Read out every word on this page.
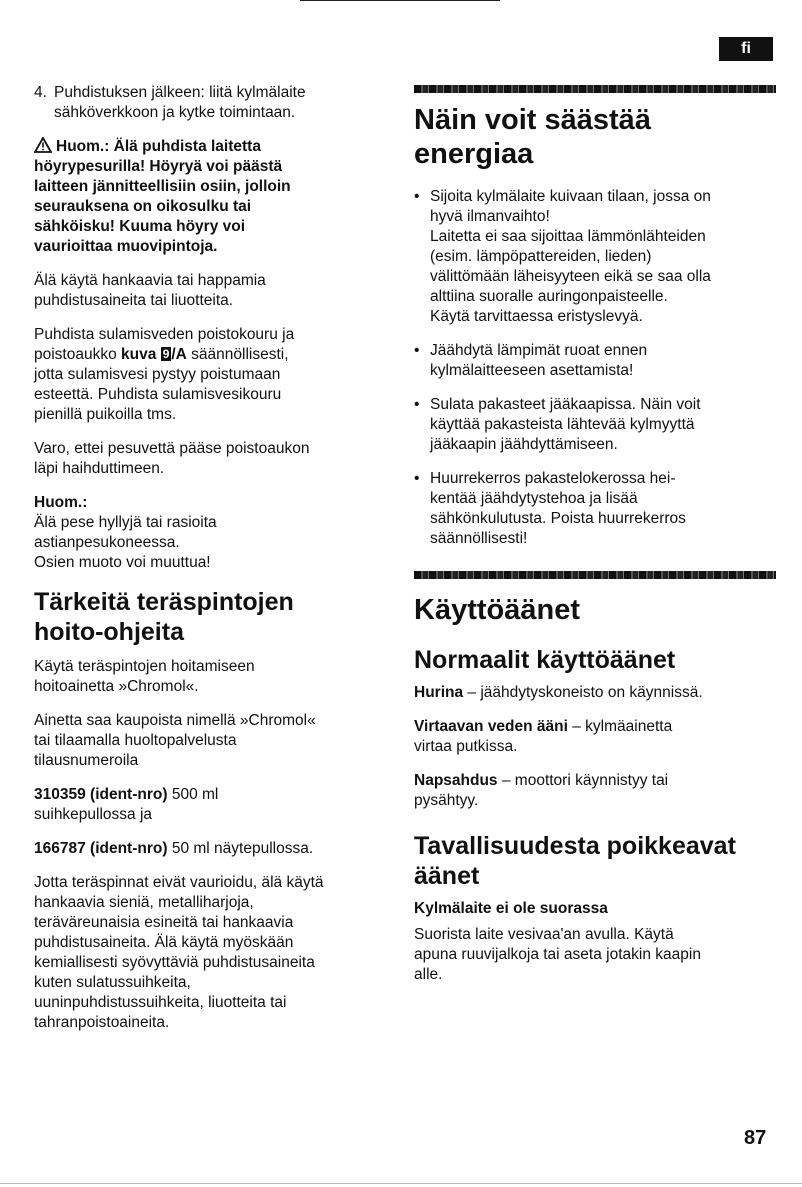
fi

4. Puhdistuksen jälkeen: liitä kylmälaite
sähköverkkoon ja kytke toimintaan.

Huom.: Älä puhdista laitetta
höyrypesurilla! Höyryä voi päästä
laitteen jännitteellisiin osiin, jolloin
seurauksena on oikosulku tai
sähköisku! Kuuma höyry voi
vaurioittaa muovipintoja.

Älä käytä hankaavia tai happamia
puhdistusaineita tai liuotteita.

Puhdista sulamisveden poistokouru ja
poistoaukko kuva 9 /A säännöllisesti,
jotta sulamisvesi pystyy poistumaan
esteettä. Puhdista sulamisvesikouru
pienillä puikoilla tms.

Varo, ettei pesuvettä pääse poistoaukon
läpi haihduttimeen.

Huom.:
Älä pese hyllyjä tai rasioita
astianpesukoneessa.
Osien muoto voi muuttua!

Tärkeitä teräspintojen
hoito-ohjeita

Käytä teräspintojen hoitamiseen
hoitoainetta »Chromol«.

Ainetta saa kaupoista nimellä »Chromol«
tai tilaamalla huoltopalvelusta
tilausnumeroila

310359 (ident-nro) 500 ml
suihkepullossa ja

166787 (ident-nro) 50 ml näytepullossa.

Jotta teräspinnat eivät vaurioidu, älä käytä
hankaavia sieniä, metalliharjoja,
teräväreunaisia esineitä tai hankaavia
puhdistusaineita. Älä käytä myöskään
kemiallisesti syövyttäviä puhdistusaineita
kuten sulatussuihkeita,
uuninpuhdistussuihkeita, liuotteita tai
tahranpoistoaineita.

Näin voit säästää
energiaa
• Sijoita kylmälaite kuivaan tilaan, jossa on
hyvä ilmanvaihto!
Laitetta ei saa sijoittaa lämmönlähteiden
(esim. lämpöpattereiden, lieden)
välittömään läheisyyteen eikä se saa olla
alttiina suoralle auringonpaisteelle.
Käytä tarvittaessa eristyslevyä.
• Jäähdytä lämpimät ruoat ennen
kylmälaitteeseen asettamista!
• Sulata pakasteet jääkaapissa. Näin voit
käyttää pakasteista lähtevää kylmyyttä
jääkaapin jäähdyttämiseen.
• Huurrekerros pakastelokerossa hei-
kentää jäähdytystehoa ja lisää
sähkönkulutusta. Poista huurrekerros
säännöllisesti!
Käyttöäänet
Normaalit käyttöäänet

Hurina – jäähdytyskoneisto on käynnissä.

Virtaavan veden ääni – kylmäainetta
virtaa putkissa.

Napsahdus – moottori käynnistyy tai
pysähtyy.

Tavallisuudesta poikkeavat
äänet
Kylmälaite ei ole suorassa

Suorista laite vesivaa'an avulla. Käytä
apuna ruuvijalkoja tai aseta jotakin kaapin
alle.

87
